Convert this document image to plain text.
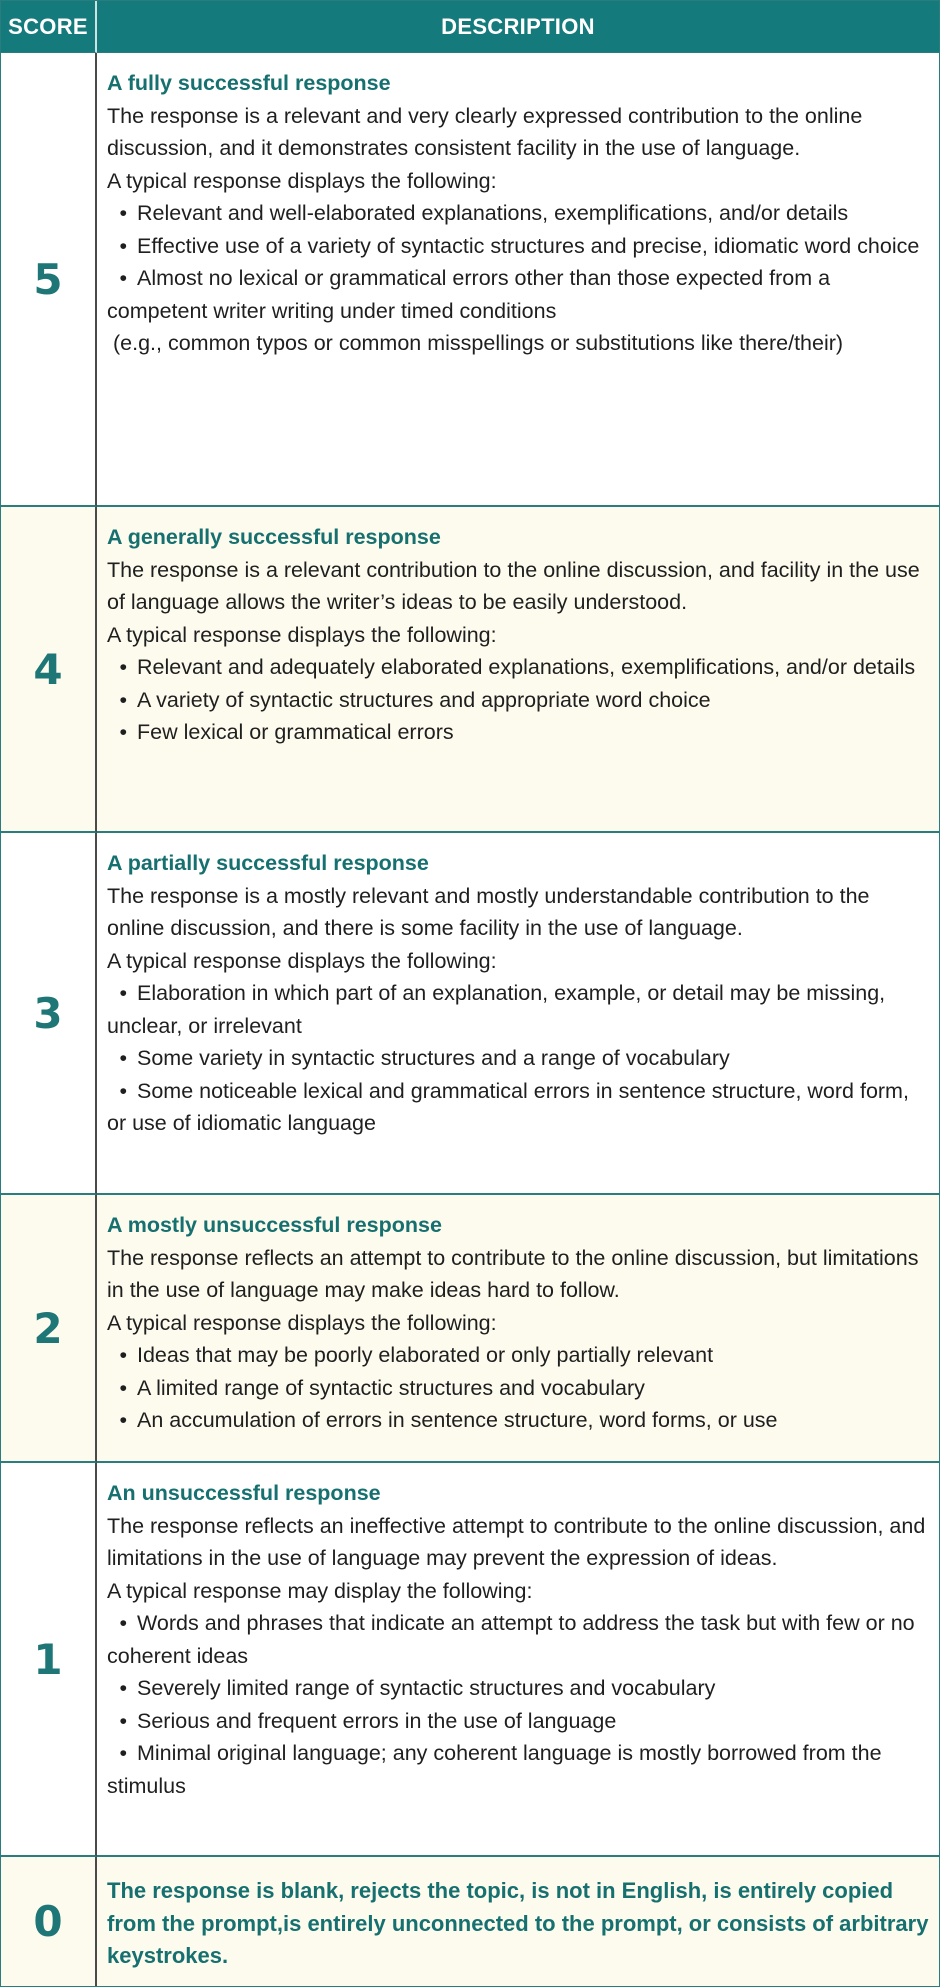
SCORE	DESCRIPTION
5
A fully successful response
The response is a relevant and very clearly expressed contribution to the online discussion, and it demonstrates consistent facility in the use of language.
A typical response displays the following:
• Relevant and well-elaborated explanations, exemplifications, and/or details
• Effective use of a variety of syntactic structures and precise, idiomatic word choice
• Almost no lexical or grammatical errors other than those expected from a competent writer writing under timed conditions
(e.g., common typos or common misspellings or substitutions like there/their)
4
A generally successful response
The response is a relevant contribution to the online discussion, and facility in the use of language allows the writer’s ideas to be easily understood.
A typical response displays the following:
• Relevant and adequately elaborated explanations, exemplifications, and/or details
• A variety of syntactic structures and appropriate word choice
• Few lexical or grammatical errors
3
A partially successful response
The response is a mostly relevant and mostly understandable contribution to the online discussion, and there is some facility in the use of language.
A typical response displays the following:
• Elaboration in which part of an explanation, example, or detail may be missing, unclear, or irrelevant
• Some variety in syntactic structures and a range of vocabulary
• Some noticeable lexical and grammatical errors in sentence structure, word form, or use of idiomatic language
2
A mostly unsuccessful response
The response reflects an attempt to contribute to the online discussion, but limitations in the use of language may make ideas hard to follow.
A typical response displays the following:
• Ideas that may be poorly elaborated or only partially relevant
• A limited range of syntactic structures and vocabulary
• An accumulation of errors in sentence structure, word forms, or use
1
An unsuccessful response
The response reflects an ineffective attempt to contribute to the online discussion, and limitations in the use of language may prevent the expression of ideas.
A typical response may display the following:
• Words and phrases that indicate an attempt to address the task but with few or no coherent ideas
• Severely limited range of syntactic structures and vocabulary
• Serious and frequent errors in the use of language
• Minimal original language; any coherent language is mostly borrowed from the stimulus
0
The response is blank, rejects the topic, is not in English, is entirely copied from the prompt,is entirely unconnected to the prompt, or consists of arbitrary keystrokes.
